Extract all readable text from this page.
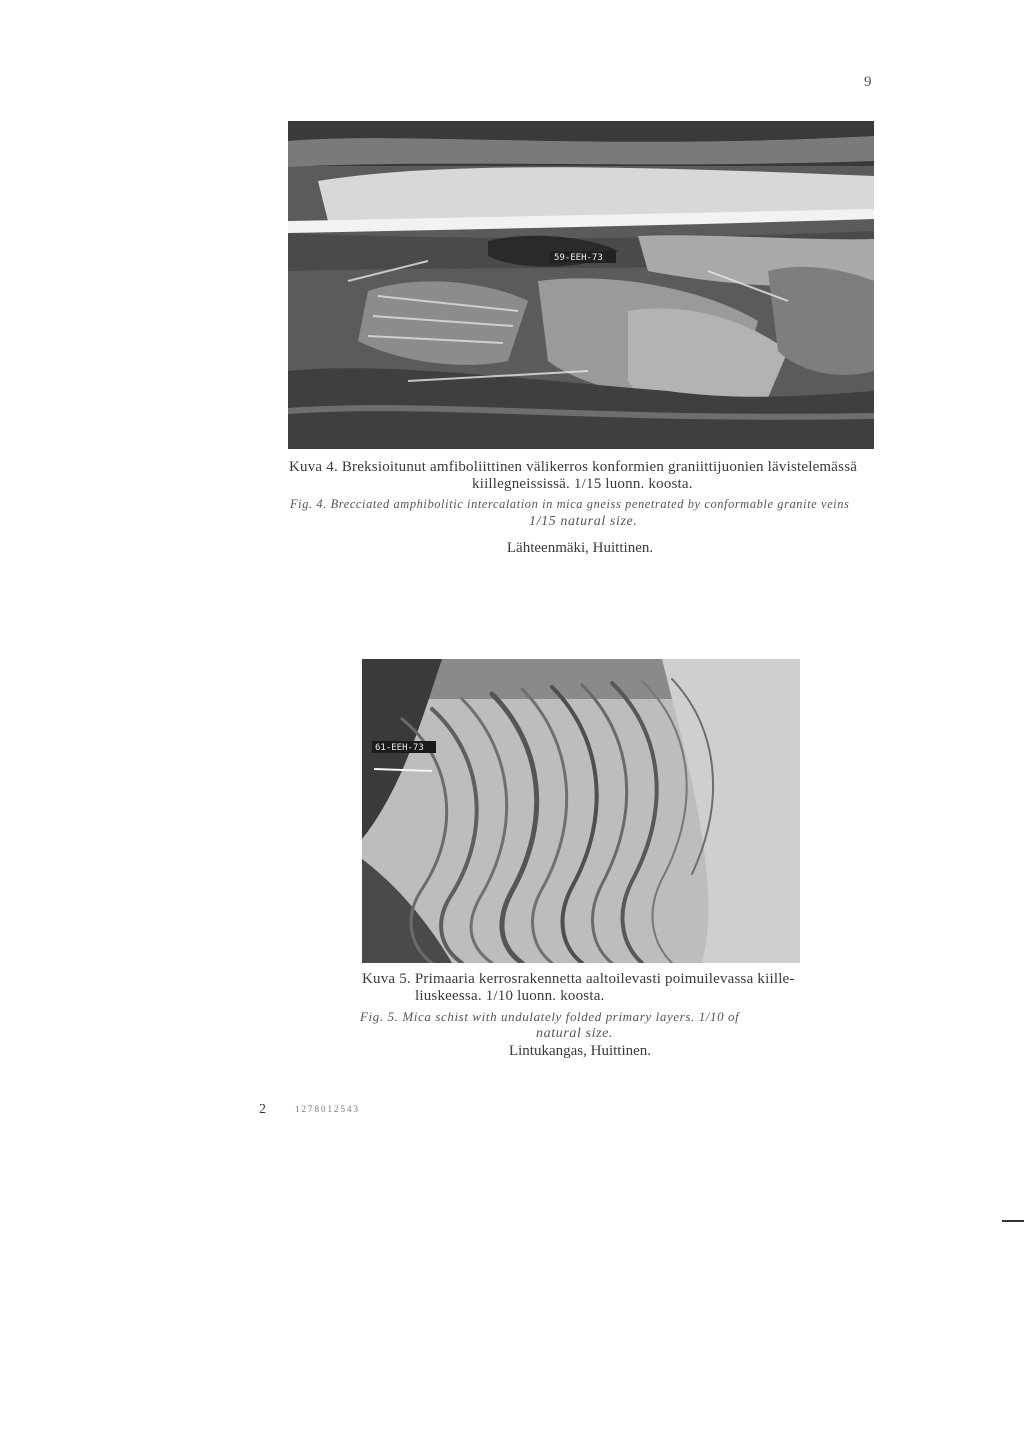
9
59-EEH-73
Kuva 4. Breksioitunut amfiboliittinen välikerros konformien graniittijuonien lävistelemässä
kiillegneississä. 1/15 luonn. koosta.
Fig. 4. Brecciated amphibolitic intercalation in mica gneiss penetrated by conformable granite veins
1/15 natural size.
Lähteenmäki, Huittinen.
61-EEH-73
Kuva 5. Primaaria kerrosrakennetta aaltoilevasti poimuilevassa kiille-
liuskeessa. 1/10 luonn. koosta.
Fig. 5. Mica schist with undulately folded primary layers. 1/10 of
natural size.
Lintukangas, Huittinen.
2	1278012543
